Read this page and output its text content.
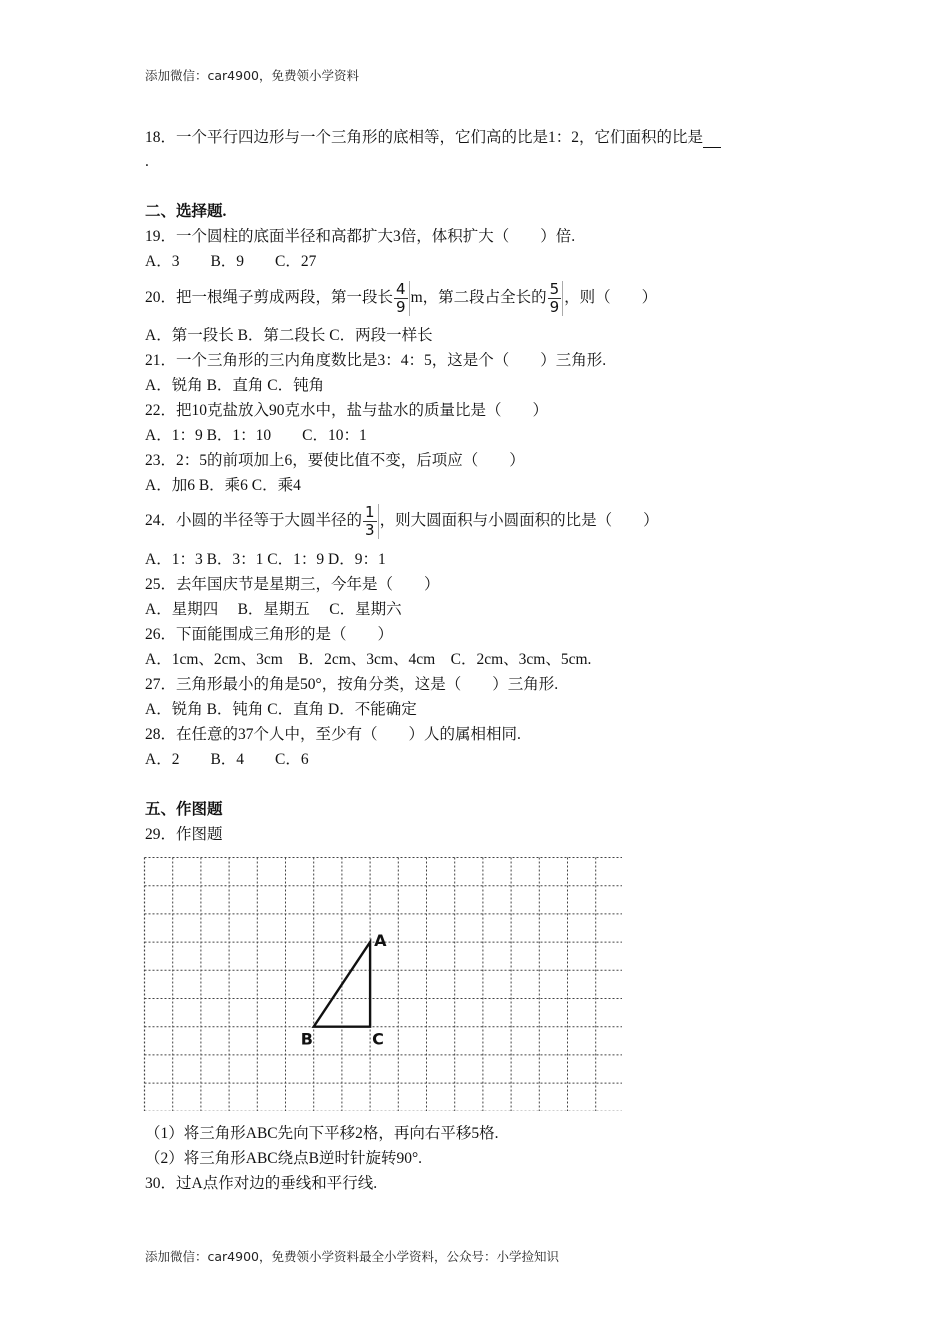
添加微信：car4900，免费领小学资料
18．一个平行四边形与一个三角形的底相等，它们高的比是1：2，它们面积的比是
.
二、选择题.
19．一个圆柱的底面半径和高都扩大3倍，体积扩大（　　）倍.
A．3　　B．9　　C．27
20．把一根绳子剪成两段，第一段长 $\frac{4}{9}$ m，第二段占全长的 $\frac{5}{9}$ ，则（　　）
A．第一段长 B．第二段长 C．两段一样长
21．一个三角形的三内角度数比是3：4：5，这是个（　　）三角形.
A．锐角 B．直角 C．钝角
22．把10克盐放入90克水中，盐与盐水的质量比是（　　）
A．1：9 B．1：10　　C．10：1
23．2：5的前项加上6，要使比值不变，后项应（　　）
A．加6 B．乘6 C．乘4
24．小圆的半径等于大圆半径的 $\frac{1}{3}$ ，则大圆面积与小圆面积的比是（　　）
A．1：3 B．3：1 C．1：9 D．9：1
25．去年国庆节是星期三，今年是（　　）
A．星期四　 B．星期五　 C．星期六
26．下面能围成三角形的是（　　）
A．1cm、2cm、3cm　B．2cm、3cm、4cm　C．2cm、3cm、5cm.
27．三角形最小的角是50°，按角分类，这是（　　）三角形.
A．锐角 B．钝角 C．直角 D．不能确定
28．在任意的37个人中，至少有（　　）人的属相相同.
A．2　　B．4　　C．6
五、作图题
29．作图题
A
B	C
（1）将三角形ABC先向下平移2格，再向右平移5格.
（2）将三角形ABC绕点B逆时针旋转90°.
30．过A点作对边的垂线和平行线.
添加微信：car4900，免费领小学资料最全小学资料，公众号：小学捡知识
